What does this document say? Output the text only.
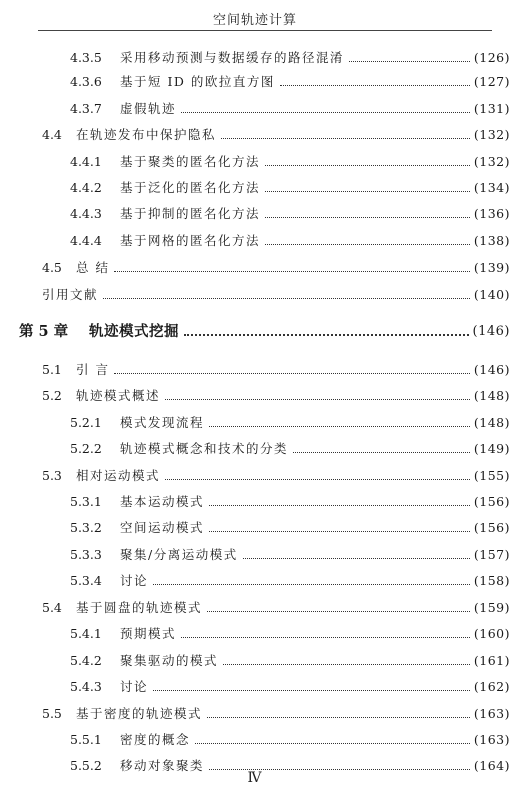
空间轨迹计算
4.3.5	采用移动预测与数据缓存的路径混淆	(126)
4.3.6	基于短 ID 的欧拉直方图	(127)
4.3.7	虚假轨迹	(131)
4.4	在轨迹发布中保护隐私	(132)
4.4.1	基于聚类的匿名化方法	(132)
4.4.2	基于泛化的匿名化方法	(134)
4.4.3	基于抑制的匿名化方法	(136)
4.4.4	基于网格的匿名化方法	(138)
4.5	总 结	(139)
引用文献	(140)
第 5 章	轨迹模式挖掘	(146)
5.1	引 言	(146)
5.2	轨迹模式概述	(148)
5.2.1	模式发现流程	(148)
5.2.2	轨迹模式概念和技术的分类	(149)
5.3	相对运动模式	(155)
5.3.1	基本运动模式	(156)
5.3.2	空间运动模式	(156)
5.3.3	聚集/分离运动模式	(157)
5.3.4	讨论	(158)
5.4	基于圆盘的轨迹模式	(159)
5.4.1	预期模式	(160)
5.4.2	聚集驱动的模式	(161)
5.4.3	讨论	(162)
5.5	基于密度的轨迹模式	(163)
5.5.1	密度的概念	(163)
5.5.2	移动对象聚类	(164)
Ⅳ
